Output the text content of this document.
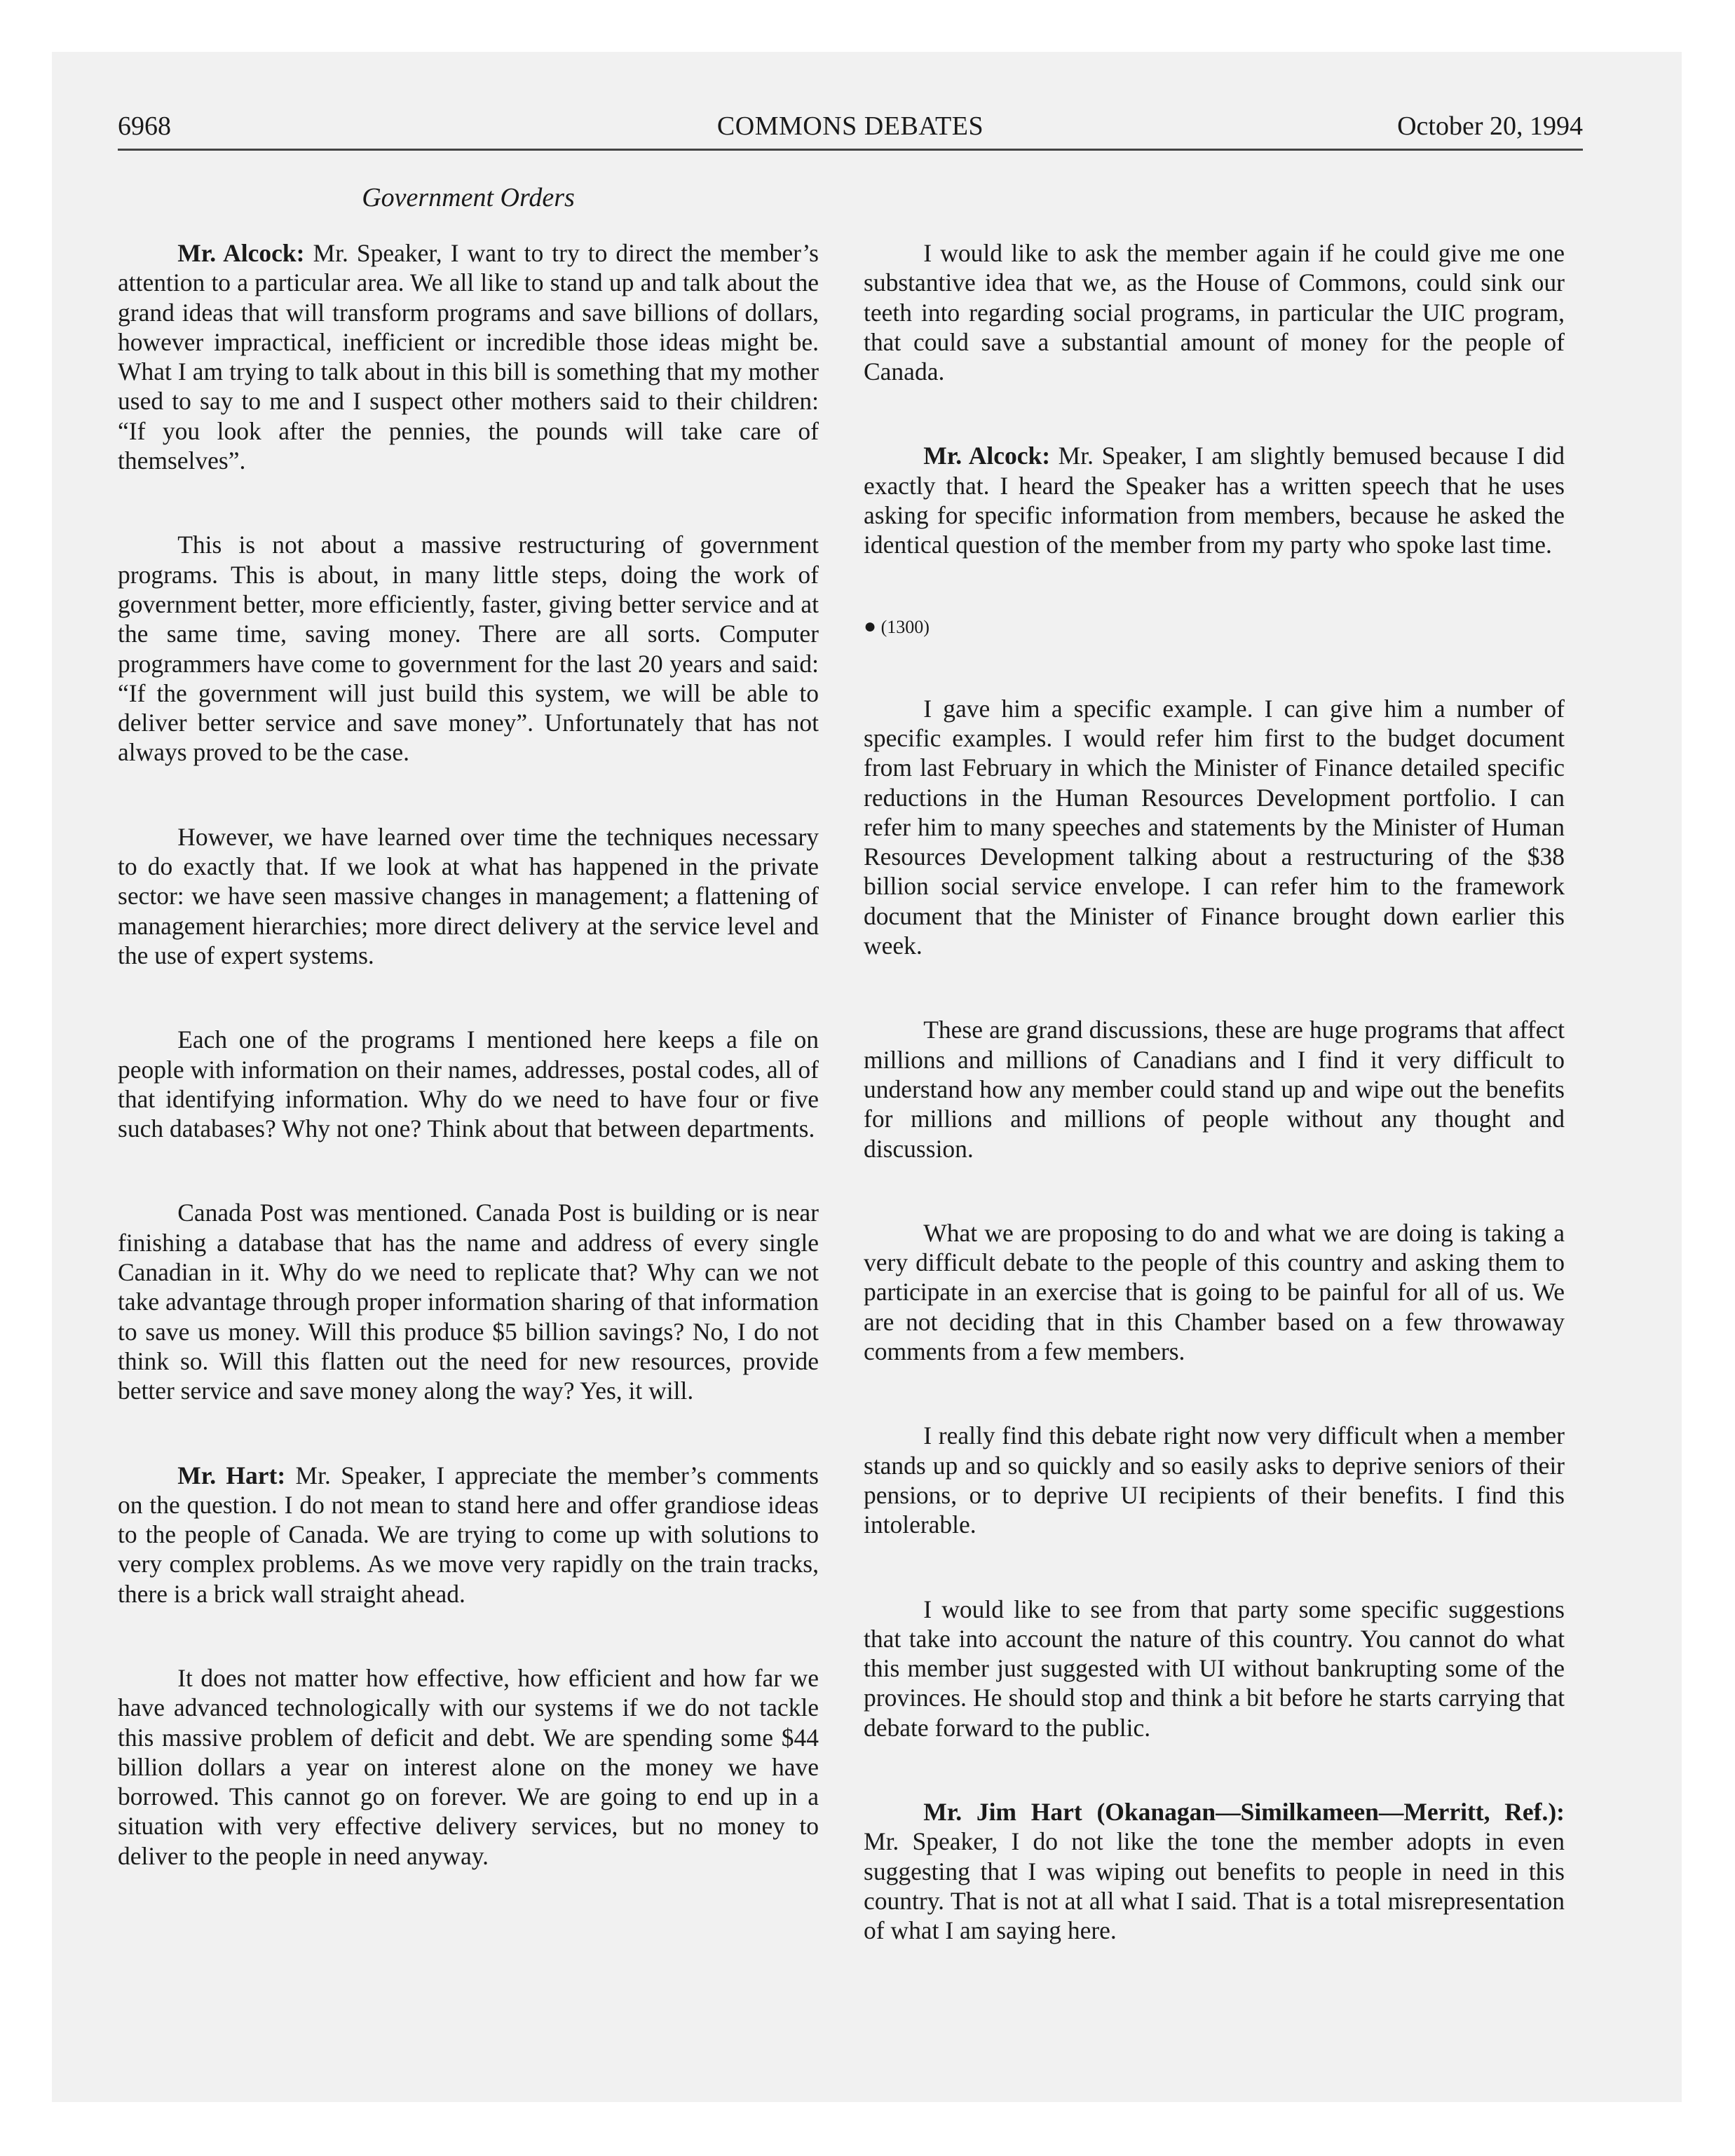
6968	COMMONS DEBATES	October 20, 1994
Government Orders

Mr. Alcock: Mr. Speaker, I want to try to direct the member’s attention to a particular area. We all like to stand up and talk about the grand ideas that will transform programs and save billions of dollars, however impractical, inefficient or incredible those ideas might be. What I am trying to talk about in this bill is something that my mother used to say to me and I suspect other mothers said to their children: “If you look after the pennies, the pounds will take care of themselves”.

This is not about a massive restructuring of government programs. This is about, in many little steps, doing the work of government better, more efficiently, faster, giving better service and at the same time, saving money. There are all sorts. Computer programmers have come to government for the last 20 years and said: “If the government will just build this system, we will be able to deliver better service and save money”. Unfortunately that has not always proved to be the case.

However, we have learned over time the techniques necessary to do exactly that. If we look at what has happened in the private sector: we have seen massive changes in management; a flattening of management hierarchies; more direct delivery at the service level and the use of expert systems.

Each one of the programs I mentioned here keeps a file on people with information on their names, addresses, postal codes, all of that identifying information. Why do we need to have four or five such databases? Why not one? Think about that between departments.

Canada Post was mentioned. Canada Post is building or is near finishing a database that has the name and address of every single Canadian in it. Why do we need to replicate that? Why can we not take advantage through proper information sharing of that information to save us money. Will this produce $5 billion savings? No, I do not think so. Will this flatten out the need for new resources, provide better service and save money along the way? Yes, it will.

Mr. Hart: Mr. Speaker, I appreciate the member’s comments on the question. I do not mean to stand here and offer grandiose ideas to the people of Canada. We are trying to come up with solutions to very complex problems. As we move very rapidly on the train tracks, there is a brick wall straight ahead.

It does not matter how effective, how efficient and how far we have advanced technologically with our systems if we do not tackle this massive problem of deficit and debt. We are spending some $44 billion dollars a year on interest alone on the money we have borrowed. This cannot go on forever. We are going to end up in a situation with very effective delivery services, but no money to deliver to the people in need anyway.

I would like to ask the member again if he could give me one substantive idea that we, as the House of Commons, could sink our teeth into regarding social programs, in particular the UIC program, that could save a substantial amount of money for the people of Canada.

Mr. Alcock: Mr. Speaker, I am slightly bemused because I did exactly that. I heard the Speaker has a written speech that he uses asking for specific information from members, because he asked the identical question of the member from my party who spoke last time.

● (1300)

I gave him a specific example. I can give him a number of specific examples. I would refer him first to the budget document from last February in which the Minister of Finance detailed specific reductions in the Human Resources Development portfolio. I can refer him to many speeches and statements by the Minister of Human Resources Development talking about a restructuring of the $38 billion social service envelope. I can refer him to the framework document that the Minister of Finance brought down earlier this week.

These are grand discussions, these are huge programs that affect millions and millions of Canadians and I find it very difficult to understand how any member could stand up and wipe out the benefits for millions and millions of people without any thought and discussion.

What we are proposing to do and what we are doing is taking a very difficult debate to the people of this country and asking them to participate in an exercise that is going to be painful for all of us. We are not deciding that in this Chamber based on a few throwaway comments from a few members.

I really find this debate right now very difficult when a member stands up and so quickly and so easily asks to deprive seniors of their pensions, or to deprive UI recipients of their benefits. I find this intolerable.

I would like to see from that party some specific suggestions that take into account the nature of this country. You cannot do what this member just suggested with UI without bankrupting some of the provinces. He should stop and think a bit before he starts carrying that debate forward to the public.

Mr. Jim Hart (Okanagan—Similkameen—Merritt, Ref.): Mr. Speaker, I do not like the tone the member adopts in even suggesting that I was wiping out benefits to people in need in this country. That is not at all what I said. That is a total misrepresentation of what I am saying here.
